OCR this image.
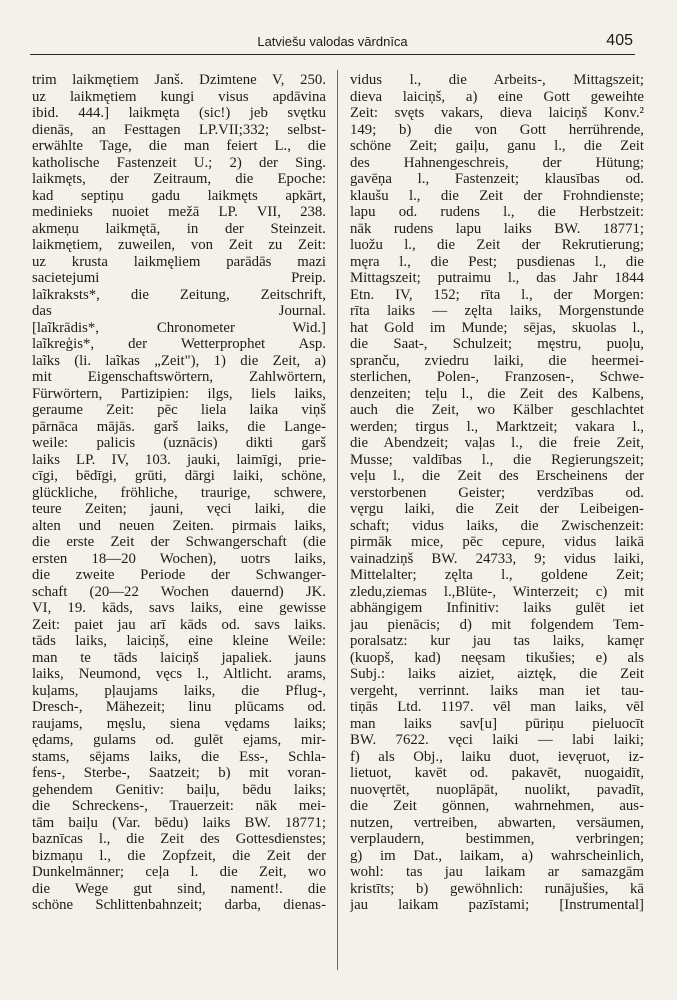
Latviešu valodas vārdnīca	405
trim laikmętiem Janš. Dzimtene V, 250.
uz laikmętiem kungi visus apdāvina
ibid. 444.] laikmęta (sic!) jeb svętku
dienās, an Festtagen LP.VII;332; selbst-
erwählte Tage, die man feiert L., die
katholische Fastenzeit U.; 2) der Sing.
laikmęts, der Zeitraum, die Epoche:
kad septiņu gadu laikmęts apkārt,
medinieks nuoiet mežā LP. VII, 238.
akmeņu laikmętā, in der Steinzeit.
laikmętiem, zuweilen, von Zeit zu Zeit:
uz krusta laikmęliem parādās mazi
sacietejumi Preip.
laĩkraksts*, die Zeitung, Zeitschrift,
das Journal.
[laĩkrādis*, Chronometer Wid.]
laĩkreģis*, der Wetterprophet Asp.
laĩks (li. laĩkas „Zeit"), 1) die Zeit, a)
mit Eigenschaftswörtern, Zahlwörtern,
Fürwörtern, Partizipien: ilgs, liels laiks,
geraume Zeit: pēc liela laika viņš
pārnāca mājās. garš laiks, die Lange-
weile: palicis (uznācis) dikti garš
laiks LP. IV, 103. jauki, laimīgi, prie-
cīgi, bēdīgi, grūti, dārgi laiki, schöne,
glückliche, fröhliche, traurige, schwere,
teure Zeiten; jauni, vęci laiki, die
alten und neuen Zeiten. pirmais laiks,
die erste Zeit der Schwangerschaft (die
ersten 18—20 Wochen), uotrs laiks,
die zweite Periode der Schwanger-
schaft (20—22 Wochen dauernd) JK.
VI, 19. kāds, savs laiks, eine gewisse
Zeit: paiet jau arī kāds od. savs laiks.
tāds laiks, laiciņš, eine kleine Weile:
man te tāds laiciņš japaliek. jauns
laiks, Neumond, vęcs l., Altlicht. arams,
kuļams, pļaujams laiks, die Pflug-,
Dresch-, Mähezeit; linu plūcams od.
raujams, męslu, siena vędams laiks;
ędams, gulams od. gulēt ejams, mir-
stams, sējams laiks, die Ess-, Schla-
fens-, Sterbe-, Saatzeit; b) mit voran-
gehendem Genitiv: baiļu, bēdu laiks;
die Schreckens-, Trauerzeit: nāk mei-
tām baiļu (Var. bēdu) laiks BW. 18771;
baznīcas l., die Zeit des Gottesdienstes;
bizmaņu l., die Zopfzeit, die Zeit der
Dunkelmänner; ceļa l. die Zeit, wo
die Wege gut sind, nament!. die
schöne Schlittenbahnzeit; darba, dienas-
vidus l., die Arbeits-, Mittagszeit;
dieva laiciņš, a) eine Gott geweihte
Zeit: svęts vakars, dieva laiciņš Konv.²
149; b) die von Gott herrührende,
schöne Zeit; gaiļu, ganu l., die Zeit
des Hahnengeschreis, der Hütung;
gavēņa l., Fastenzeit; klausības od.
klaušu l., die Zeit der Frohndienste;
lapu od. rudens l., die Herbstzeit:
nāk rudens lapu laiks BW. 18771;
luožu l., die Zeit der Rekrutierung;
męra l., die Pest; pusdienas l., die
Mittagszeit; putraimu l., das Jahr 1844
Etn. IV, 152; rīta l., der Morgen:
rīta laiks — zęlta laiks, Morgenstunde
hat Gold im Munde; sējas, skuolas l.,
die Saat-, Schulzeit; męstru, puoļu,
spranču, zviedru laiki, die heermei-
sterlichen, Polen-, Franzosen-, Schwe-
denzeiten; teļu l., die Zeit des Kalbens,
auch die Zeit, wo Kälber geschlachtet
werden; tirgus l., Marktzeit; vakara l.,
die Abendzeit; vaļas l., die freie Zeit,
Musse; valdības l., die Regierungszeit;
veļu l., die Zeit des Erscheinens der
verstorbenen Geister; verdzības od.
vęrgu laiki, die Zeit der Leibeigen-
schaft; vidus laiks, die Zwischenzeit:
pirmāk mice, pēc cepure, vidus laikā
vainadziņš BW. 24733, 9; vidus laiki,
Mittelalter; zęlta l., goldene Zeit;
zledu,ziemas l.,Blüte-, Winterzeit; c) mit
abhängigem Infinitiv: laiks gulēt iet
jau pienācis; d) mit folgendem Tem-
poralsatz: kur jau tas laiks, kamęr
(kuopš, kad) neęsam tikušies; e) als
Subj.: laiks aiziet, aiztęk, die Zeit
vergeht, verrinnt. laiks man iet tau-
tiņās Ltd. 1197. vēl man laiks, vēl
man laiks sav[u] pūriņu pieluocīt
BW. 7622. vęci laiki — labi laiki;
f) als Obj., laiku duot, ievęruot, iz-
lietuot, kavēt od. pakavēt, nuogaidīt,
nuovęrtēt, nuoplāpāt, nuolikt, pavadīt,
die Zeit gönnen, wahrnehmen, aus-
nutzen, vertreiben, abwarten, versäumen,
verplaudern, bestimmen, verbringen;
g) im Dat., laikam, a) wahrscheinlich,
wohl: tas jau laikam ar samazgām
kristīts; b) gewöhnlich: runājušies, kā
jau laikam pazīstami; [Instrumental]
